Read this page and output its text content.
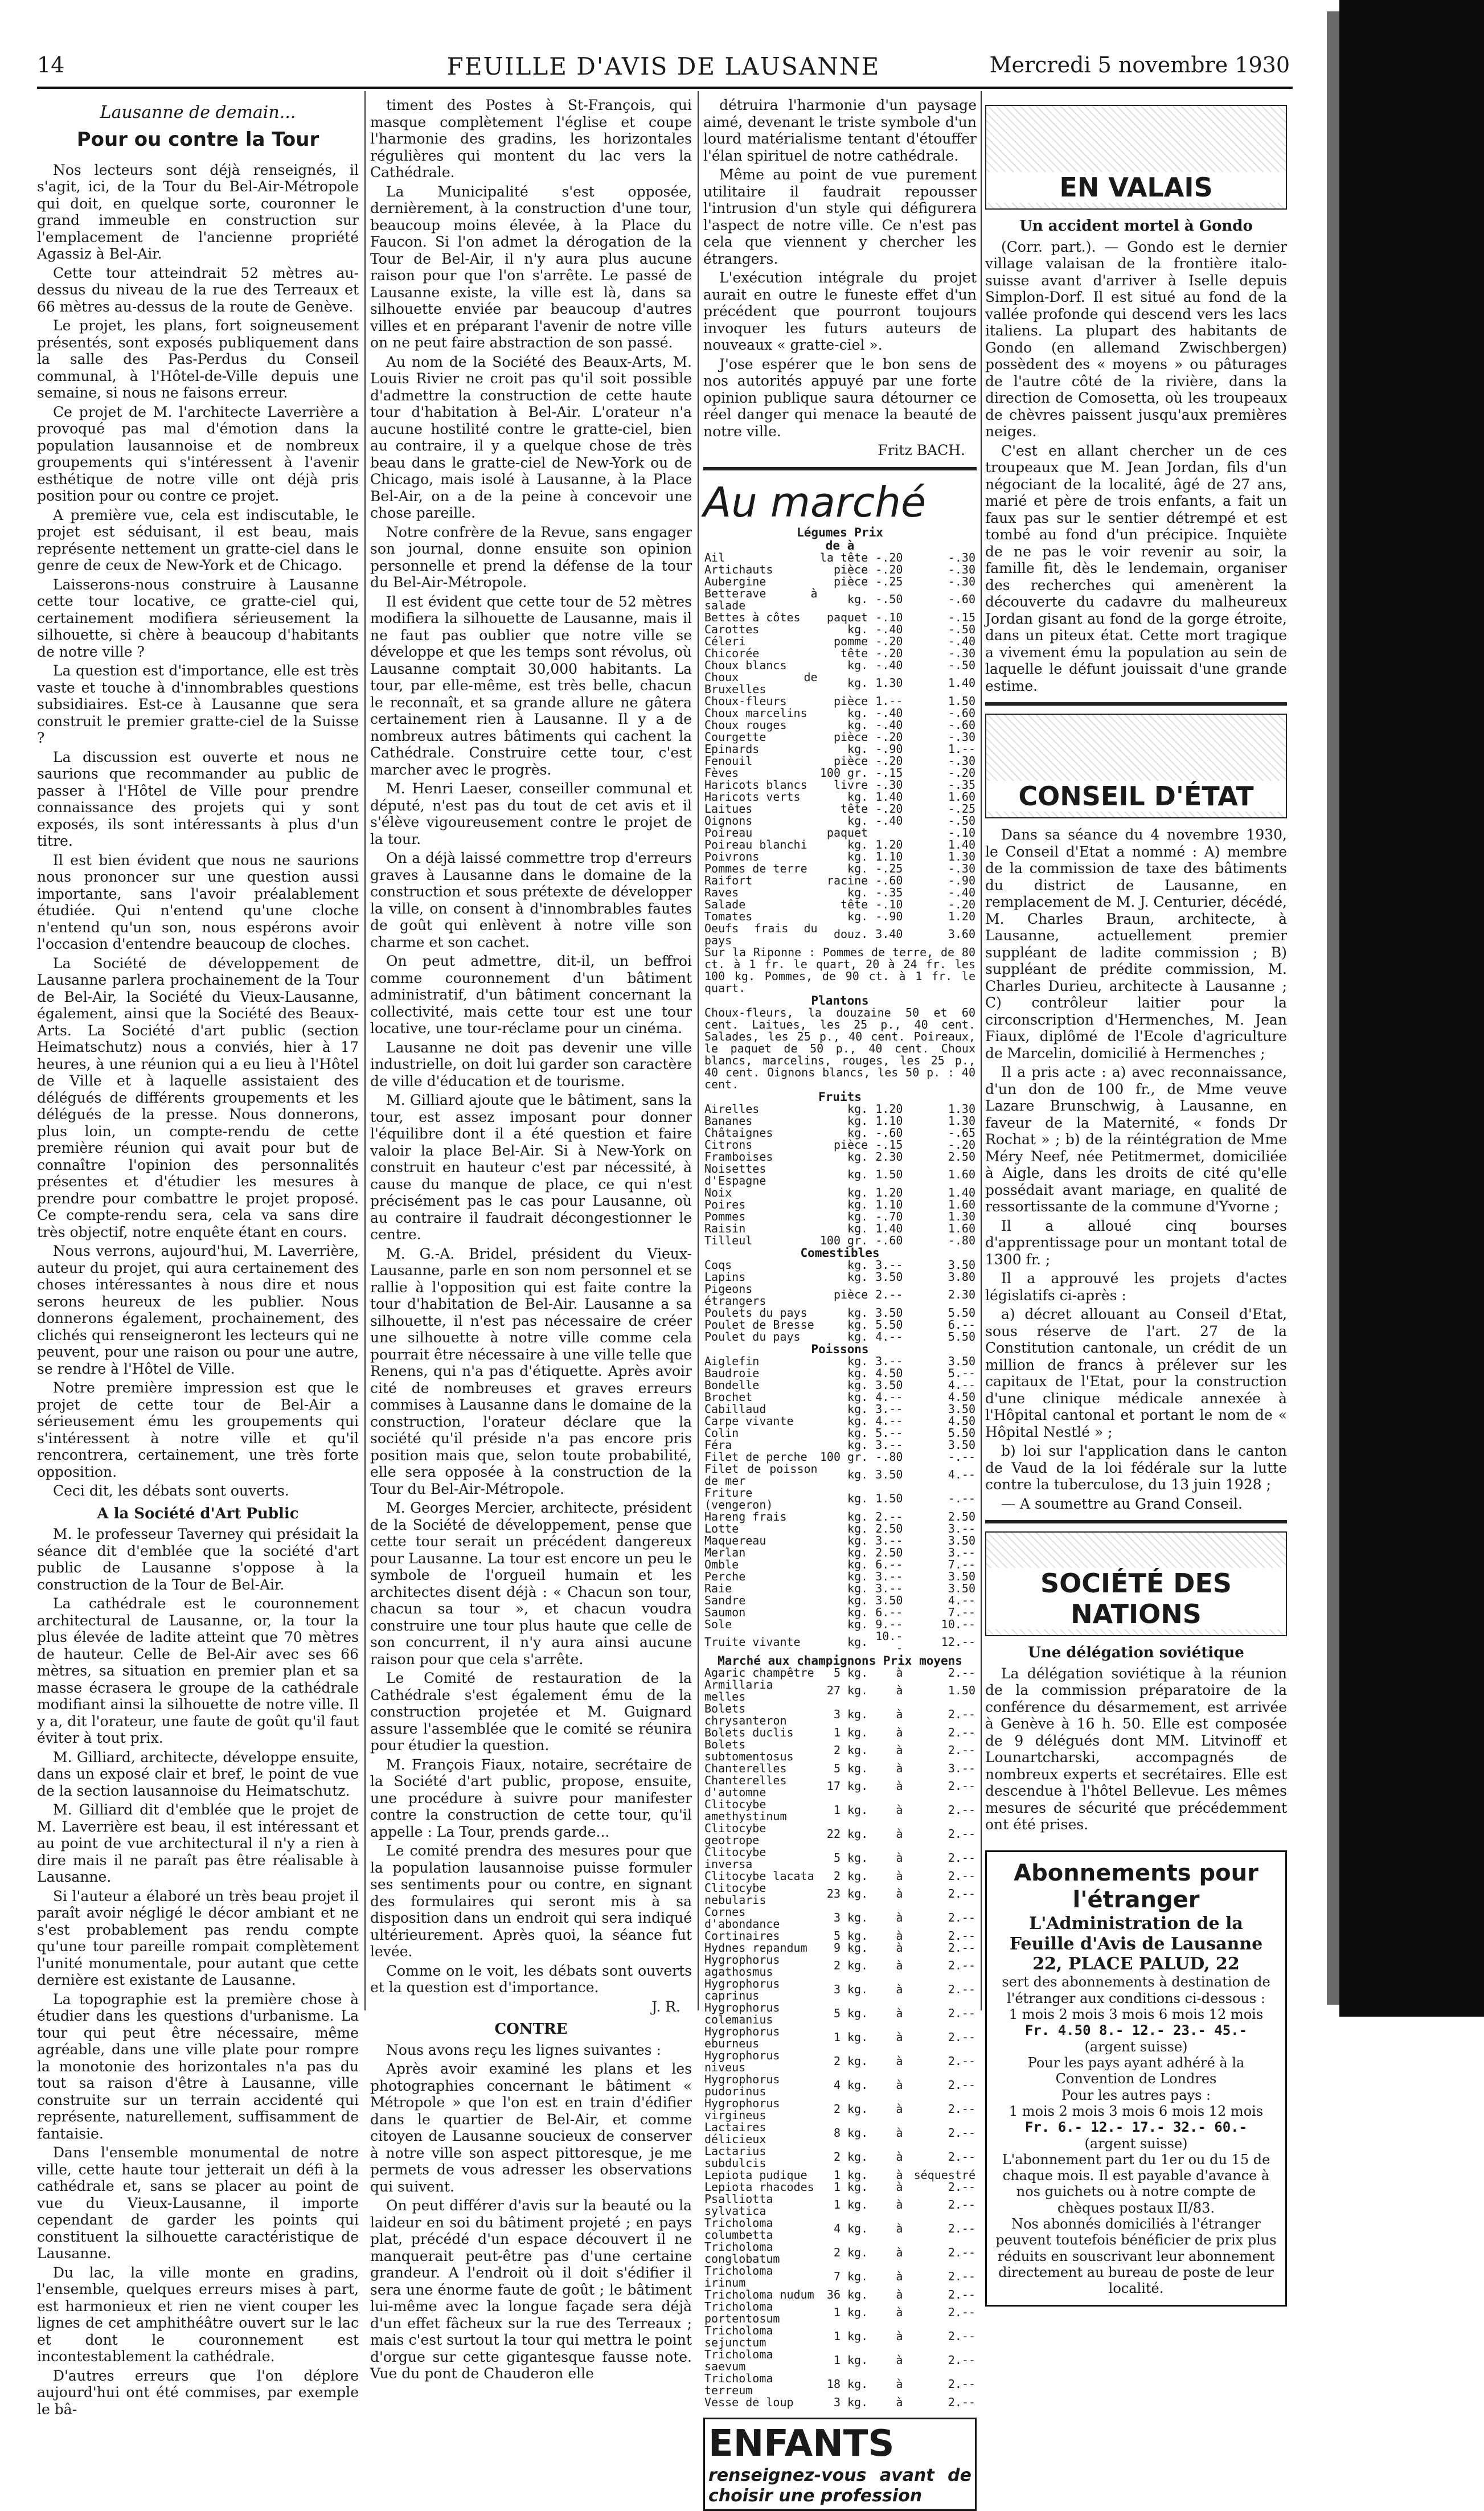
14	FEUILLE D'AVIS DE LAUSANNE	Mercredi 5 novembre 1930
Lausanne de demain...
Pour ou contre la Tour

Nos lecteurs sont déjà renseignés, il s'agit, ici, de la Tour du Bel-Air-Métropole qui doit, en quelque sorte, couronner le grand immeuble en construction sur l'emplacement de l'ancienne propriété Agassiz à Bel-Air.

Cette tour atteindrait 52 mètres au-dessus du niveau de la rue des Terreaux et 66 mètres au-dessus de la route de Genève.

Le projet, les plans, fort soigneusement présentés, sont exposés publiquement dans la salle des Pas-Perdus du Conseil communal, à l'Hôtel-de-Ville depuis une semaine, si nous ne faisons erreur.

Ce projet de M. l'architecte Laverrière a provoqué pas mal d'émotion dans la population lausannoise et de nombreux groupements qui s'intéressent à l'avenir esthétique de notre ville ont déjà pris position pour ou contre ce projet.

A première vue, cela est indiscutable, le projet est séduisant, il est beau, mais représente nettement un gratte-ciel dans le genre de ceux de New-York et de Chicago.

Laisserons-nous construire à Lausanne cette tour locative, ce gratte-ciel qui, certainement modifiera sérieusement la silhouette, si chère à beaucoup d'habitants de notre ville ?

La question est d'importance, elle est très vaste et touche à d'innombrables questions subsidiaires. Est-ce à Lausanne que sera construit le premier gratte-ciel de la Suisse ?

La discussion est ouverte et nous ne saurions que recommander au public de passer à l'Hôtel de Ville pour prendre connaissance des projets qui y sont exposés, ils sont intéressants à plus d'un titre.

Il est bien évident que nous ne saurions nous prononcer sur une question aussi importante, sans l'avoir préalablement étudiée. Qui n'entend qu'une cloche n'entend qu'un son, nous espérons avoir l'occasion d'entendre beaucoup de cloches.

La Société de développement de Lausanne parlera prochainement de la Tour de Bel-Air, la Société du Vieux-Lausanne, également, ainsi que la Société des Beaux-Arts. La Société d'art public (section Heimatschutz) nous a conviés, hier à 17 heures, à une réunion qui a eu lieu à l'Hôtel de Ville et à laquelle assistaient des délégués de différents groupements et les délégués de la presse. Nous donnerons, plus loin, un compte-rendu de cette première réunion qui avait pour but de connaître l'opinion des personnalités présentes et d'étudier les mesures à prendre pour combattre le projet proposé. Ce compte-rendu sera, cela va sans dire très objectif, notre enquête étant en cours.

Nous verrons, aujourd'hui, M. Laverrière, auteur du projet, qui aura certainement des choses intéressantes à nous dire et nous serons heureux de les publier. Nous donnerons également, prochainement, des clichés qui renseigneront les lecteurs qui ne peuvent, pour une raison ou pour une autre, se rendre à l'Hôtel de Ville.

Notre première impression est que le projet de cette tour de Bel-Air a sérieusement ému les groupements qui s'intéressent à notre ville et qu'il rencontrera, certainement, une très forte opposition.

Ceci dit, les débats sont ouverts.

A la Société d'Art Public

M. le professeur Taverney qui présidait la séance dit d'emblée que la société d'art public de Lausanne s'oppose à la construction de la Tour de Bel-Air.

La cathédrale est le couronnement architectural de Lausanne, or, la tour la plus élevée de ladite atteint que 70 mètres de hauteur. Celle de Bel-Air avec ses 66 mètres, sa situation en premier plan et sa masse écrasera le groupe de la cathédrale modifiant ainsi la silhouette de notre ville. Il y a, dit l'orateur, une faute de goût qu'il faut éviter à tout prix.

M. Gilliard, architecte, développe ensuite, dans un exposé clair et bref, le point de vue de la section lausannoise du Heimatschutz.

M. Gilliard dit d'emblée que le projet de M. Laverrière est beau, il est intéressant et au point de vue architectural il n'y a rien à dire mais il ne paraît pas être réalisable à Lausanne.

Si l'auteur a élaboré un très beau projet il paraît avoir négligé le décor ambiant et ne s'est probablement pas rendu compte qu'une tour pareille rompait complètement l'unité monumentale, pour autant que cette dernière est existante de Lausanne.

La topographie est la première chose à étudier dans les questions d'urbanisme. La tour qui peut être nécessaire, même agréable, dans une ville plate pour rompre la monotonie des horizontales n'a pas du tout sa raison d'être à Lausanne, ville construite sur un terrain accidenté qui représente, naturellement, suffisamment de fantaisie.

Dans l'ensemble monumental de notre ville, cette haute tour jetterait un défi à la cathédrale et, sans se placer au point de vue du Vieux-Lausanne, il importe cependant de garder les points qui constituent la silhouette caractéristique de Lausanne.

Du lac, la ville monte en gradins, l'ensemble, quelques erreurs mises à part, est harmonieux et rien ne vient couper les lignes de cet amphithéâtre ouvert sur le lac et dont le couronnement est incontestablement la cathédrale.

D'autres erreurs que l'on déplore aujourd'hui ont été commises, par exemple le bâ-

timent des Postes à St-François, qui masque complètement l'église et coupe l'harmonie des gradins, les horizontales régulières qui montent du lac vers la Cathédrale.

La Municipalité s'est opposée, dernièrement, à la construction d'une tour, beaucoup moins élevée, à la Place du Faucon. Si l'on admet la dérogation de la Tour de Bel-Air, il n'y aura plus aucune raison pour que l'on s'arrête. Le passé de Lausanne existe, la ville est là, dans sa silhouette enviée par beaucoup d'autres villes et en préparant l'avenir de notre ville on ne peut faire abstraction de son passé.

Au nom de la Société des Beaux-Arts, M. Louis Rivier ne croit pas qu'il soit possible d'admettre la construction de cette haute tour d'habitation à Bel-Air. L'orateur n'a aucune hostilité contre le gratte-ciel, bien au contraire, il y a quelque chose de très beau dans le gratte-ciel de New-York ou de Chicago, mais isolé à Lausanne, à la Place Bel-Air, on a de la peine à concevoir une chose pareille.

Notre confrère de la Revue, sans engager son journal, donne ensuite son opinion personnelle et prend la défense de la tour du Bel-Air-Métropole.

Il est évident que cette tour de 52 mètres modifiera la silhouette de Lausanne, mais il ne faut pas oublier que notre ville se développe et que les temps sont révolus, où Lausanne comptait 30,000 habitants. La tour, par elle-même, est très belle, chacun le reconnaît, et sa grande allure ne gâtera certainement rien à Lausanne. Il y a de nombreux autres bâtiments qui cachent la Cathédrale. Construire cette tour, c'est marcher avec le progrès.

M. Henri Laeser, conseiller communal et député, n'est pas du tout de cet avis et il s'élève vigoureusement contre le projet de la tour.

On a déjà laissé commettre trop d'erreurs graves à Lausanne dans le domaine de la construction et sous prétexte de développer la ville, on consent à d'innombrables fautes de goût qui enlèvent à notre ville son charme et son cachet.

On peut admettre, dit-il, un beffroi comme couronnement d'un bâtiment administratif, d'un bâtiment concernant la collectivité, mais cette tour est une tour locative, une tour-réclame pour un cinéma.

Lausanne ne doit pas devenir une ville industrielle, on doit lui garder son caractère de ville d'éducation et de tourisme.

M. Gilliard ajoute que le bâtiment, sans la tour, est assez imposant pour donner l'équilibre dont il a été question et faire valoir la place Bel-Air. Si à New-York on construit en hauteur c'est par nécessité, à cause du manque de place, ce qui n'est précisément pas le cas pour Lausanne, où au contraire il faudrait décongestionner le centre.

M. G.-A. Bridel, président du Vieux-Lausanne, parle en son nom personnel et se rallie à l'opposition qui est faite contre la tour d'habitation de Bel-Air. Lausanne a sa silhouette, il n'est pas nécessaire de créer une silhouette à notre ville comme cela pourrait être nécessaire à une ville telle que Renens, qui n'a pas d'étiquette. Après avoir cité de nombreuses et graves erreurs commises à Lausanne dans le domaine de la construction, l'orateur déclare que la société qu'il préside n'a pas encore pris position mais que, selon toute probabilité, elle sera opposée à la construction de la Tour du Bel-Air-Métropole.

M. Georges Mercier, architecte, président de la Société de développement, pense que cette tour serait un précédent dangereux pour Lausanne. La tour est encore un peu le symbole de l'orgueil humain et les architectes disent déjà : « Chacun son tour, chacun sa tour », et chacun voudra construire une tour plus haute que celle de son concurrent, il n'y aura ainsi aucune raison pour que cela s'arrête.

Le Comité de restauration de la Cathédrale s'est également ému de la construction projetée et M. Guignard assure l'assemblée que le comité se réunira pour étudier la question.

M. François Fiaux, notaire, secrétaire de la Société d'art public, propose, ensuite, une procédure à suivre pour manifester contre la construction de cette tour, qu'il appelle : La Tour, prends garde...

Le comité prendra des mesures pour que la population lausannoise puisse formuler ses sentiments pour ou contre, en signant des formulaires qui seront mis à sa disposition dans un endroit qui sera indiqué ultérieurement. Après quoi, la séance fut levée.

Comme on le voit, les débats sont ouverts et la question est d'importance.

J. R.
CONTRE

Nous avons reçu les lignes suivantes :

Après avoir examiné les plans et les photographies concernant le bâtiment « Métropole » que l'on est en train d'édifier dans le quartier de Bel-Air, et comme citoyen de Lausanne soucieux de conserver à notre ville son aspect pittoresque, je me permets de vous adresser les observations qui suivent.

On peut différer d'avis sur la beauté ou la laideur en soi du bâtiment projeté ; en pays plat, précédé d'un espace découvert il ne manquerait peut-être pas d'une certaine grandeur. A l'endroit où il doit s'édifier il sera une énorme faute de goût ; le bâtiment lui-même avec la longue façade sera déjà d'un effet fâcheux sur la rue des Terreaux ; mais c'est surtout la tour qui mettra le point d'orgue sur cette gigantesque fausse note. Vue du pont de Chauderon elle

détruira l'harmonie d'un paysage aimé, devenant le triste symbole d'un lourd matérialisme tentant d'étouffer l'élan spirituel de notre cathédrale.

Même au point de vue purement utilitaire il faudrait repousser l'intrusion d'un style qui défigurera l'aspect de notre ville. Ce n'est pas cela que viennent y chercher les étrangers.

L'exécution intégrale du projet aurait en outre le funeste effet d'un précédent que pourront toujours invoquer les futurs auteurs de nouveaux « gratte-ciel ».

J'ose espérer que le bon sens de nos autorités appuyé par une forte opinion publique saura détourner ce réel danger qui menace la beauté de notre ville.

Fritz BACH.
Au marché
Légumes Prix			
de à			
Ail	la tête	-.20	-.30
Artichauts	pièce	-.20	-.30
Aubergine	pièce	-.25	-.30
Betterave à salade	kg.	-.50	-.60
Bettes à côtes	paquet	-.10	-.15
Carottes	kg.	-.40	-.50
Céleri	pomme	-.20	-.40
Chicorée	tête	-.20	-.30
Choux blancs	kg.	-.40	-.50
Choux de Bruxelles	kg.	1.30	1.40
Choux-fleurs	pièce	1.--	1.50
Choux marcelins	kg.	-.40	-.60
Choux rouges	kg.	-.40	-.60
Courgette	pièce	-.20	-.30
Epinards	kg.	-.90	1.--
Fenouil	pièce	-.20	-.30
Fèves	100 gr.	-.15	-.20
Haricots blancs	livre	-.30	-.35
Haricots verts	kg.	1.40	1.60
Laitues	tête	-.20	-.25
Oignons	kg.	-.40	-.50
Poireau	paquet		-.10
Poireau blanchi	kg.	1.20	1.40
Poivrons	kg.	1.10	1.30
Pommes de terre	kg.	-.25	-.30
Raifort	racine	-.60	-.90
Raves	kg.	-.35	-.40
Salade	tête	-.10	-.20
Tomates	kg.	-.90	1.20
Oeufs frais du pays	douz.	3.40	3.60
Sur la Riponne : Pommes de terre, de 80 ct. à 1 fr. le quart, 20 à 24 fr. les 100 kg. Pommes, de 90 ct. à 1 fr. le quart.			
Plantons			
Choux-fleurs, la douzaine 50 et 60 cent. Laitues, les 25 p., 40 cent. Salades, les 25 p., 40 cent. Poireaux, le paquet de 50 p., 40 cent. Choux blancs, marcelins, rouges, les 25 p., 40 cent. Oignons blancs, les 50 p. : 40 cent.			
Fruits			
Airelles	kg.	1.20	1.30
Bananes	kg.	1.10	1.30
Châtaignes	kg.	-.60	-.65
Citrons	pièce	-.15	-.20
Framboises	kg.	2.30	2.50
Noisettes d'Espagne	kg.	1.50	1.60
Noix	kg.	1.20	1.40
Poires	kg.	1.10	1.60
Pommes	kg.	-.70	1.30
Raisin	kg.	1.40	1.60
Tilleul	100 gr.	-.60	-.80
Comestibles			
Coqs	kg.	3.--	3.50
Lapins	kg.	3.50	3.80
Pigeons étrangers	pièce	2.--	2.30
Poulets du pays	kg.	3.50	5.50
Poulet de Bresse	kg.	5.50	6.--
Poulet du pays	kg.	4.--	5.50
Poissons			
Aiglefin	kg.	3.--	3.50
Baudroie	kg.	4.50	5.--
Bondelle	kg.	3.50	4.--
Brochet	kg.	4.--	4.50
Cabillaud	kg.	3.--	3.50
Carpe vivante	kg.	4.--	4.50
Colin	kg.	5.--	5.50
Féra	kg.	3.--	3.50
Filet de perche	100 gr.	-.80	-.--
Filet de poisson de mer	kg.	3.50	4.--
Friture (vengeron)	kg.	1.50	-.--
Hareng frais	kg.	2.--	2.50
Lotte	kg.	2.50	3.--
Maquereau	kg.	3.--	3.50
Merlan	kg.	2.50	3.--
Omble	kg.	6.--	7.--
Perche	kg.	3.--	3.50
Raie	kg.	3.--	3.50
Sandre	kg.	3.50	4.--
Saumon	kg.	6.--	7.--
Sole	kg.	9.--	10.--
Truite vivante	kg.	10.--	12.--
Marché aux champignons Prix moyens			
Agaric champêtre	5 kg.	à	2.--
Armillaria melles	27 kg.	à	1.50
Bolets chrysanteron	3 kg.	à	2.--
Bolets duclis	1 kg.	à	2.--
Bolets subtomentosus	2 kg.	à	2.--
Chanterelles	5 kg.	à	3.--
Chanterelles d'automne	17 kg.	à	2.--
Clitocybe amethystinum	1 kg.	à	2.--
Clitocybe geotrope	22 kg.	à	2.--
Clitocybe inversa	5 kg.	à	2.--
Clitocybe lacata	2 kg.	à	2.--
Clitocybe nebularis	23 kg.	à	2.--
Cornes d'abondance	3 kg.	à	2.--
Cortinaires	5 kg.	à	2.--
Hydnes repandum	9 kg.	à	2.--
Hygrophorus agathosmus	2 kg.	à	2.--
Hygrophorus caprinus	3 kg.	à	2.--
Hygrophorus colemanius	5 kg.	à	2.--
Hygrophorus eburneus	1 kg.	à	2.--
Hygrophorus niveus	2 kg.	à	2.--
Hygrophorus pudorinus	4 kg.	à	2.--
Hygrophorus virgineus	2 kg.	à	2.--
Lactaires délicieux	8 kg.	à	2.--
Lactarius subdulcis	2 kg.	à	2.--
Lepiota pudique	1 kg.	à	séquestré
Lepiota rhacodes	1 kg.	à	2.--
Psalliotta sylvatica	1 kg.	à	2.--
Tricholoma columbetta	4 kg.	à	2.--
Tricholoma conglobatum	2 kg.	à	2.--
Tricholoma irinum	7 kg.	à	2.--
Tricholoma nudum	36 kg.	à	2.--
Tricholoma portentosum	1 kg.	à	2.--
Tricholoma sejunctum	1 kg.	à	2.--
Tricholoma saevum	1 kg.	à	2.--
Tricholoma terreum	18 kg.	à	2.--
Vesse de loup	3 kg.	à	2.--
ENFANTS
renseignez-vous avant de choisir une profession
EN VALAIS
Un accident mortel à Gondo

(Corr. part.). — Gondo est le dernier village valaisan de la frontière italo-suisse avant d'arriver à Iselle depuis Simplon-Dorf. Il est situé au fond de la vallée profonde qui descend vers les lacs italiens. La plupart des habitants de Gondo (en allemand Zwischbergen) possèdent des « moyens » ou pâturages de l'autre côté de la rivière, dans la direction de Comosetta, où les troupeaux de chèvres paissent jusqu'aux premières neiges.

C'est en allant chercher un de ces troupeaux que M. Jean Jordan, fils d'un négociant de la localité, âgé de 27 ans, marié et père de trois enfants, a fait un faux pas sur le sentier détrempé et est tombé au fond d'un précipice. Inquiète de ne pas le voir revenir au soir, la famille fit, dès le lendemain, organiser des recherches qui amenèrent la découverte du cadavre du malheureux Jordan gisant au fond de la gorge étroite, dans un piteux état. Cette mort tragique a vivement ému la population au sein de laquelle le défunt jouissait d'une grande estime.

CONSEIL D'ÉTAT

Dans sa séance du 4 novembre 1930, le Conseil d'Etat a nommé : A) membre de la commission de taxe des bâtiments du district de Lausanne, en remplacement de M. J. Centurier, décédé, M. Charles Braun, architecte, à Lausanne, actuellement premier suppléant de ladite commission ; B) suppléant de prédite commission, M. Charles Durieu, architecte à Lausanne ; C) contrôleur laitier pour la circonscription d'Hermenches, M. Jean Fiaux, diplômé de l'Ecole d'agriculture de Marcelin, domicilié à Hermenches ;

Il a pris acte : a) avec reconnaissance, d'un don de 100 fr., de Mme veuve Lazare Brunschwig, à Lausanne, en faveur de la Maternité, « fonds Dr Rochat » ; b) de la réintégration de Mme Méry Neef, née Petitmermet, domiciliée à Aigle, dans les droits de cité qu'elle possédait avant mariage, en qualité de ressortissante de la commune d'Yvorne ;

Il a alloué cinq bourses d'apprentissage pour un montant total de 1300 fr. ;

Il a approuvé les projets d'actes législatifs ci-après :

a) décret allouant au Conseil d'Etat, sous réserve de l'art. 27 de la Constitution cantonale, un crédit de un million de francs à prélever sur les capitaux de l'Etat, pour la construction d'une clinique médicale annexée à l'Hôpital cantonal et portant le nom de « Hôpital Nestlé » ;

b) loi sur l'application dans le canton de Vaud de la loi fédérale sur la lutte contre la tuberculose, du 13 juin 1928 ;

— A soumettre au Grand Conseil.

SOCIÉTÉ DES NATIONS
Une délégation soviétique

La délégation soviétique à la réunion de la commission préparatoire de la conférence du désarmement, est arrivée à Genève à 16 h. 50. Elle est composée de 9 délégués dont MM. Litvinoff et Lounartcharski, accompagnés de nombreux experts et secrétaires. Elle est descendue à l'hôtel Bellevue. Les mêmes mesures de sécurité que précédemment ont été prises.

Abonnements pour l'étranger
L'Administration de la Feuille d'Avis de Lausanne
22, PLACE PALUD, 22
sert des abonnements à destination de l'étranger aux conditions ci-dessous :
1 mois 2 mois 3 mois 6 mois 12 mois
Fr. 4.50 8.- 12.- 23.- 45.-
(argent suisse)
Pour les pays ayant adhéré à la Convention de Londres
Pour les autres pays :
1 mois 2 mois 3 mois 6 mois 12 mois
Fr. 6.- 12.- 17.- 32.- 60.-
(argent suisse)
L'abonnement part du 1er ou du 15 de chaque mois. Il est payable d'avance à nos guichets ou à notre compte de chèques postaux II/83.
Nos abonnés domiciliés à l'étranger peuvent toutefois bénéficier de prix plus réduits en souscrivant leur abonnement directement au bureau de poste de leur localité.
